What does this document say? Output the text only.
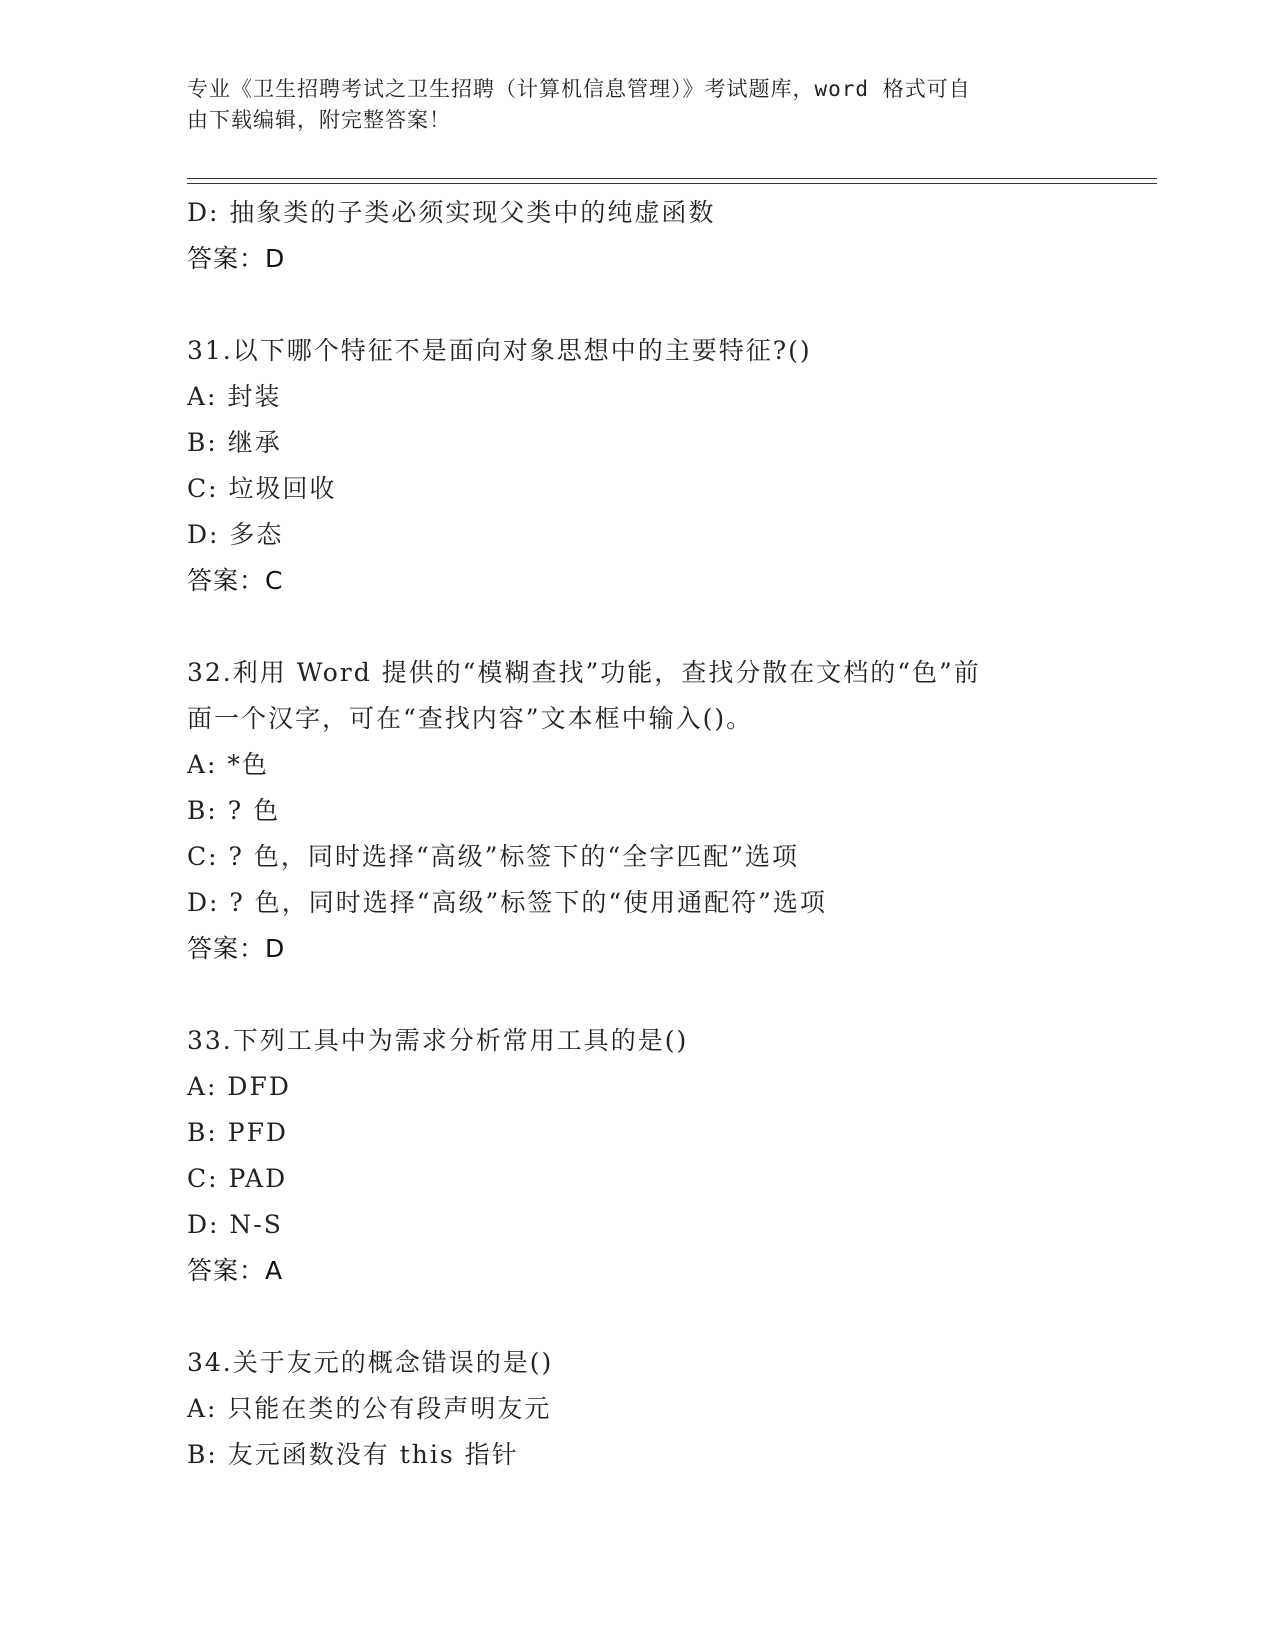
专业《卫生招聘考试之卫生招聘（计算机信息管理）》考试题库，word 格式可自

由下载编辑，附完整答案！

D: 抽象类的子类必须实现父类中的纯虚函数
答案：D
31.以下哪个特征不是面向对象思想中的主要特征?()
A: 封装
B: 继承
C: 垃圾回收
D: 多态
答案：C
32.利用 Word 提供的“模糊查找”功能，查找分散在文档的“色”前
面一个汉字，可在“查找内容”文本框中输入()。
A: *色
B: ? 色
C: ? 色，同时选择“高级”标签下的“全字匹配”选项
D: ? 色，同时选择“高级”标签下的“使用通配符”选项
答案：D
33.下列工具中为需求分析常用工具的是()
A: DFD
B: PFD
C: PAD
D: N-S
答案：A
34.关于友元的概念错误的是()
A: 只能在类的公有段声明友元
B: 友元函数没有 this 指针
